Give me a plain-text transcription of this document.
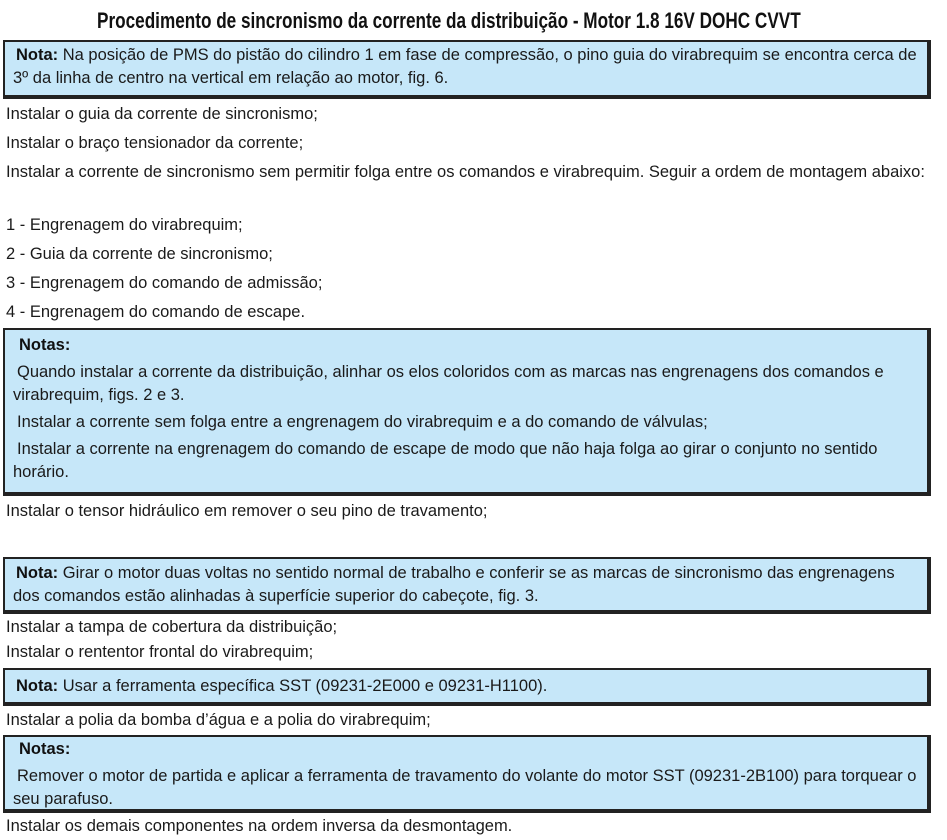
Procedimento de sincronismo da corrente da distribuição - Motor 1.8 16V DOHC CVVT
Nota: Na posição de PMS do pistão do cilindro 1 em fase de compressão, o pino guia do virabrequim se encontra cerca de 3º da linha de centro na vertical em relação ao motor, fig. 6.
Instalar o guia da corrente de sincronismo;
Instalar o braço tensionador da corrente;
Instalar a corrente de sincronismo sem permitir folga entre os comandos e virabrequim. Seguir a ordem de montagem abaixo:
1 - Engrenagem do virabrequim;
2 - Guia da corrente de sincronismo;
3 - Engrenagem do comando de admissão;
4 - Engrenagem do comando de escape.

Notas:

Quando instalar a corrente da distribuição, alinhar os elos coloridos com as marcas nas engrenagens dos comandos e virabrequim, figs. 2 e 3.

Instalar a corrente sem folga entre a engrenagem do virabrequim e a do comando de válvulas;

Instalar a corrente na engrenagem do comando de escape de modo que não haja folga ao girar o conjunto no sentido horário.

Instalar o tensor hidráulico em remover o seu pino de travamento;
Nota: Girar o motor duas voltas no sentido normal de trabalho e conferir se as marcas de sincronismo das engrenagens dos comandos estão alinhadas à superfície superior do cabeçote, fig. 3.
Instalar a tampa de cobertura da distribuição;
Instalar o rententor frontal do virabrequim;
Nota: Usar a ferramenta específica SST (09231-2E000 e 09231-H1100).
Instalar a polia da bomba d’água e a polia do virabrequim;

Notas:

Remover o motor de partida e aplicar a ferramenta de travamento do volante do motor SST (09231-2B100) para torquear o seu parafuso.

Instalar os demais componentes na ordem inversa da desmontagem.
